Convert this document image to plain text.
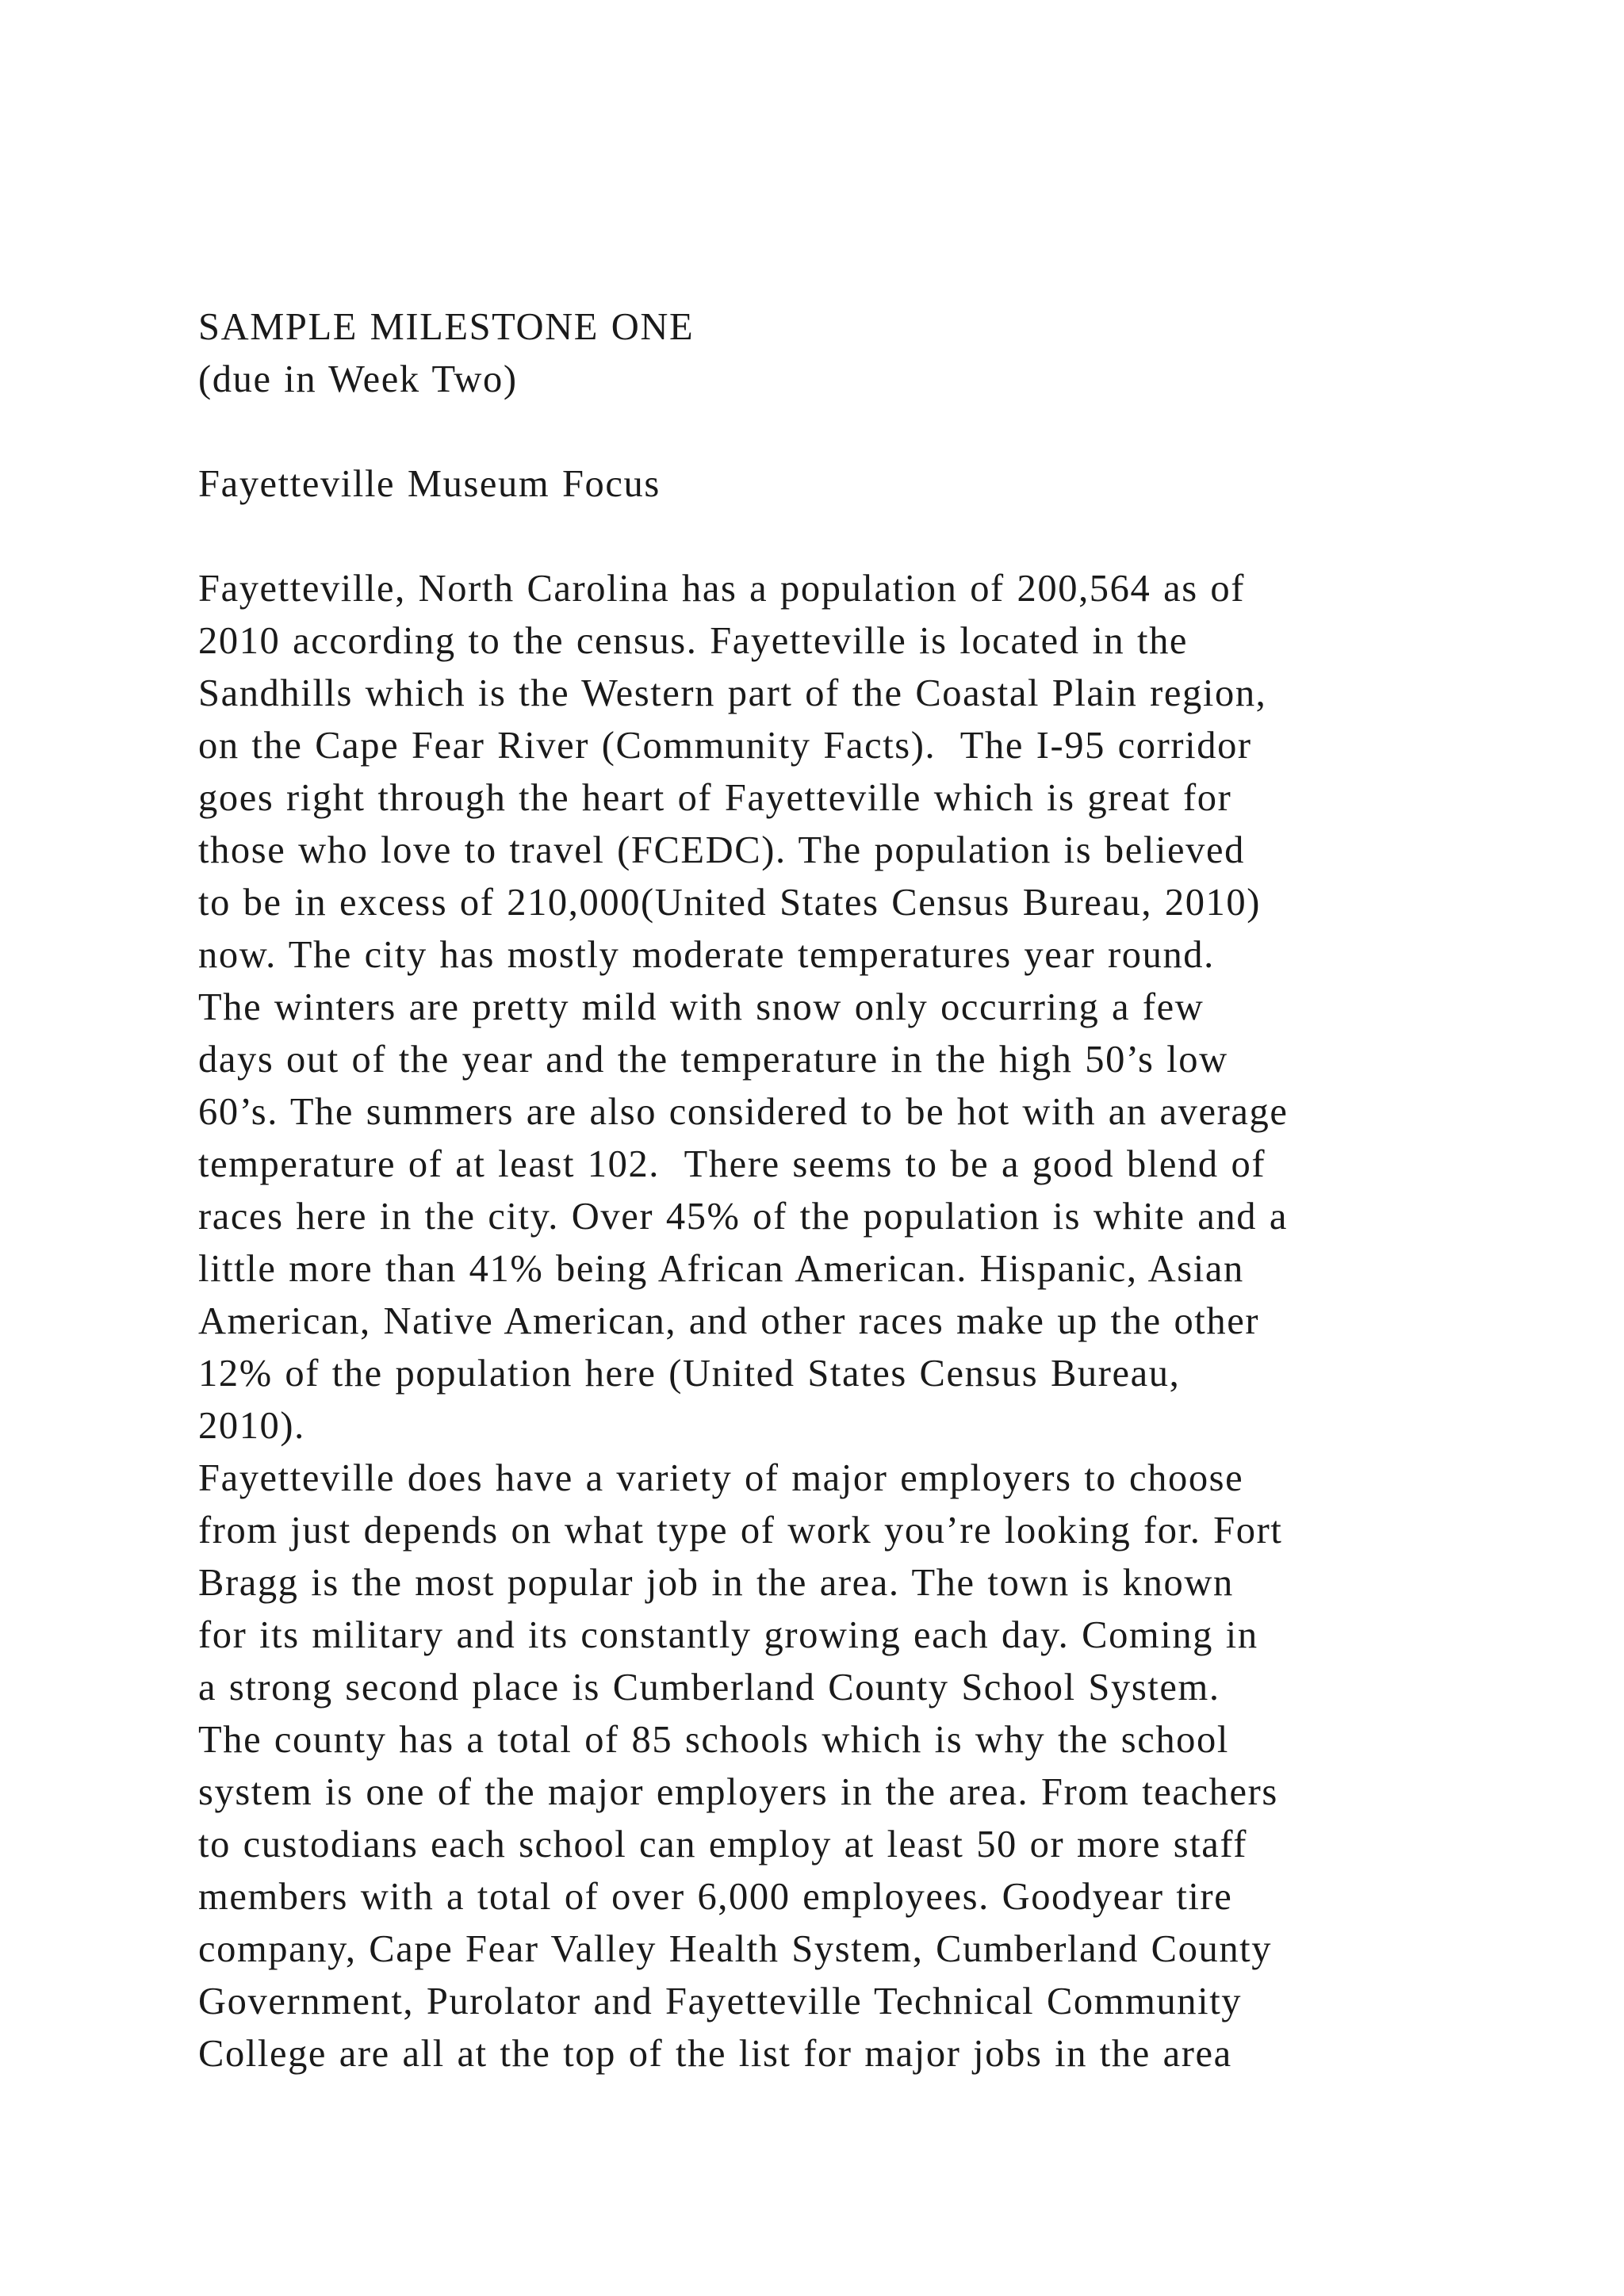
SAMPLE MILESTONE ONE
(due in Week Two)
Fayetteville Museum Focus
Fayetteville, North Carolina has a population of 200,564 as of
2010 according to the census. Fayetteville is located in the
Sandhills which is the Western part of the Coastal Plain region,
on the Cape Fear River (Community Facts).  The I-95 corridor
goes right through the heart of Fayetteville which is great for
those who love to travel (FCEDC). The population is believed
to be in excess of 210,000(United States Census Bureau, 2010)
now. The city has mostly moderate temperatures year round.
The winters are pretty mild with snow only occurring a few
days out of the year and the temperature in the high 50’s low
60’s. The summers are also considered to be hot with an average
temperature of at least 102.  There seems to be a good blend of
races here in the city. Over 45% of the population is white and a
little more than 41% being African American. Hispanic, Asian
American, Native American, and other races make up the other
12% of the population here (United States Census Bureau,
2010).
Fayetteville does have a variety of major employers to choose
from just depends on what type of work you’re looking for. Fort
Bragg is the most popular job in the area. The town is known
for its military and its constantly growing each day. Coming in
a strong second place is Cumberland County School System.
The county has a total of 85 schools which is why the school
system is one of the major employers in the area. From teachers
to custodians each school can employ at least 50 or more staff
members with a total of over 6,000 employees. Goodyear tire
company, Cape Fear Valley Health System, Cumberland County
Government, Purolator and Fayetteville Technical Community
College are all at the top of the list for major jobs in the area
